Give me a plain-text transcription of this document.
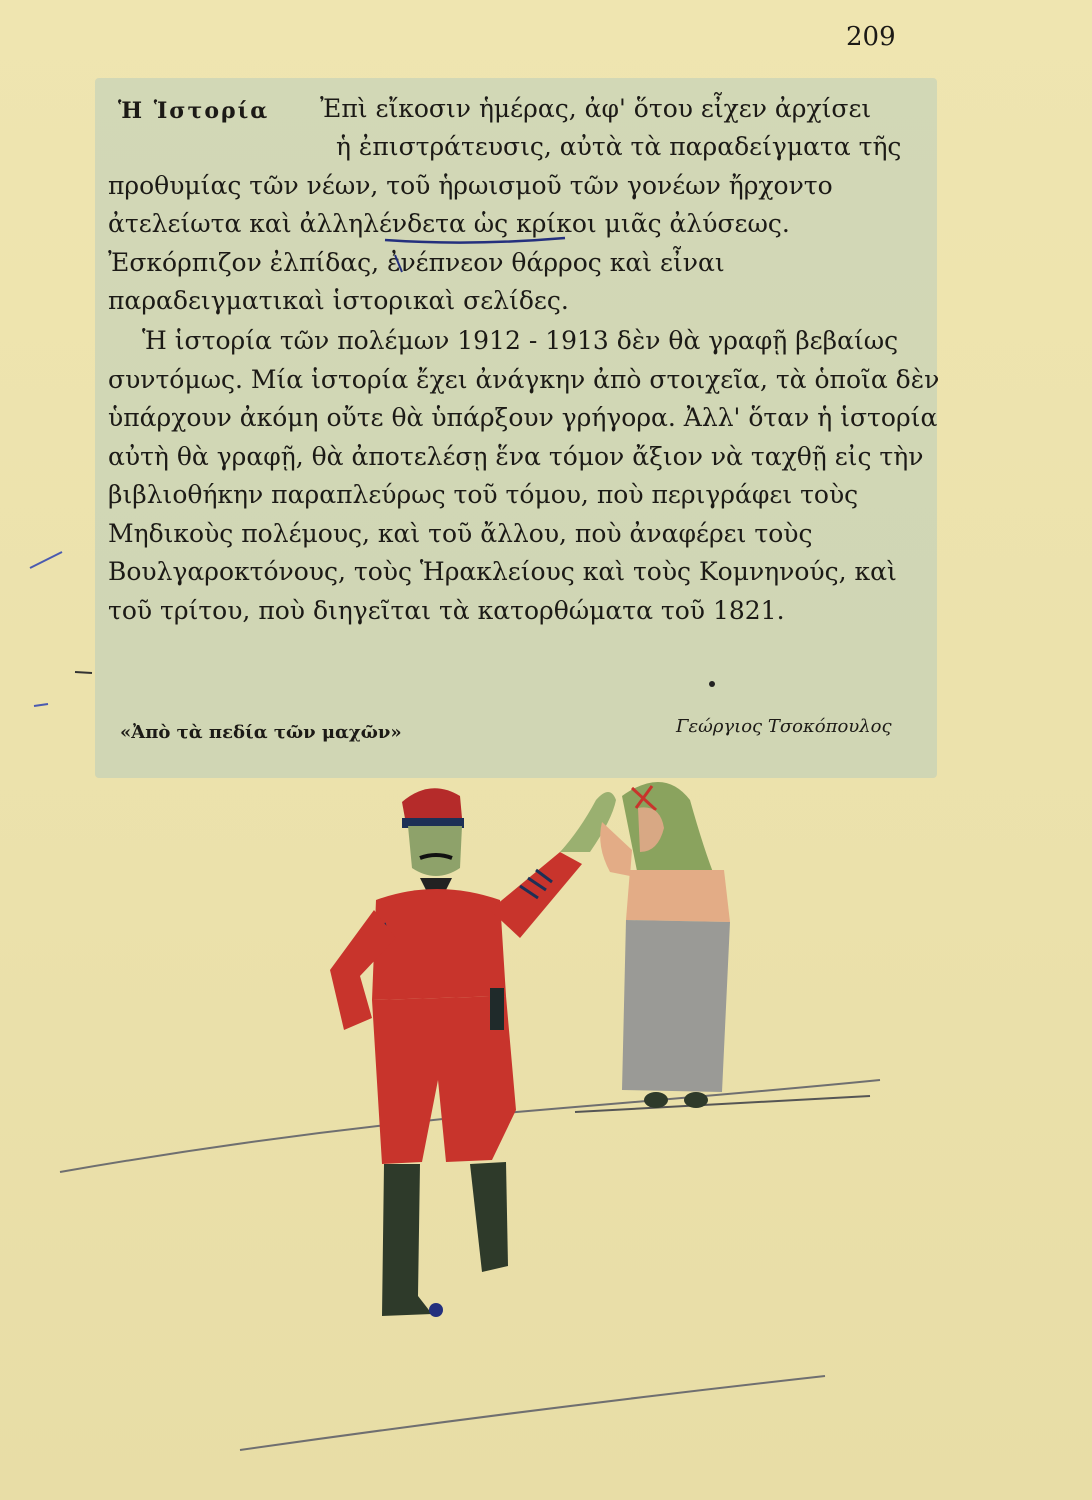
209
Ἡ Ἱστορία Ἐπὶ εἴκοσιν ἡμέρας, ἀφ' ὅτου εἶχεν ἀρχίσει

ἡ ἐπιστράτευσις, αὐτὰ τὰ παραδείγματα τῆς προθυμίας τῶν νέων, τοῦ ἡρωισμοῦ τῶν γονέων ἤρχοντο ἀτελείωτα καὶ ἀλληλένδετα ὡς κρίκοι μιᾶς ἀλύσεως. Ἐσκόρπιζον ἐλπίδας, ἐνέπνεον θάρρος καὶ εἶναι παραδειγματικαὶ ἱστορικαὶ σελίδες.

Ἡ ἱστορία τῶν πολέμων 1912 - 1913 δὲν θὰ γραφῇ βεβαίως συντόμως. Μία ἱστορία ἔχει ἀνάγκην ἀπὸ στοιχεῖα, τὰ ὁποῖα δὲν ὑπάρχουν ἀκόμη οὔτε θὰ ὑπάρξουν γρήγορα. Ἀλλ' ὅταν ἡ ἱστορία αὐτὴ θὰ γραφῇ, θὰ ἀποτελέσῃ ἕνα τόμον ἄξιον νὰ ταχθῇ εἰς τὴν βιβλιοθήκην παραπλεύρως τοῦ τόμου, ποὺ περιγράφει τοὺς Μηδικοὺς πολέμους, καὶ τοῦ ἄλλου, ποὺ ἀναφέρει τοὺς Βουλγαροκτόνους, τοὺς Ἡρακλείους καὶ τοὺς Κομνηνούς, καὶ τοῦ τρίτου, ποὺ διηγεῖται τὰ κατορθώματα τοῦ 1821.

«Ἀπὸ τὰ πεδία τῶν μαχῶν»	Γεώργιος Τσοκόπουλος
